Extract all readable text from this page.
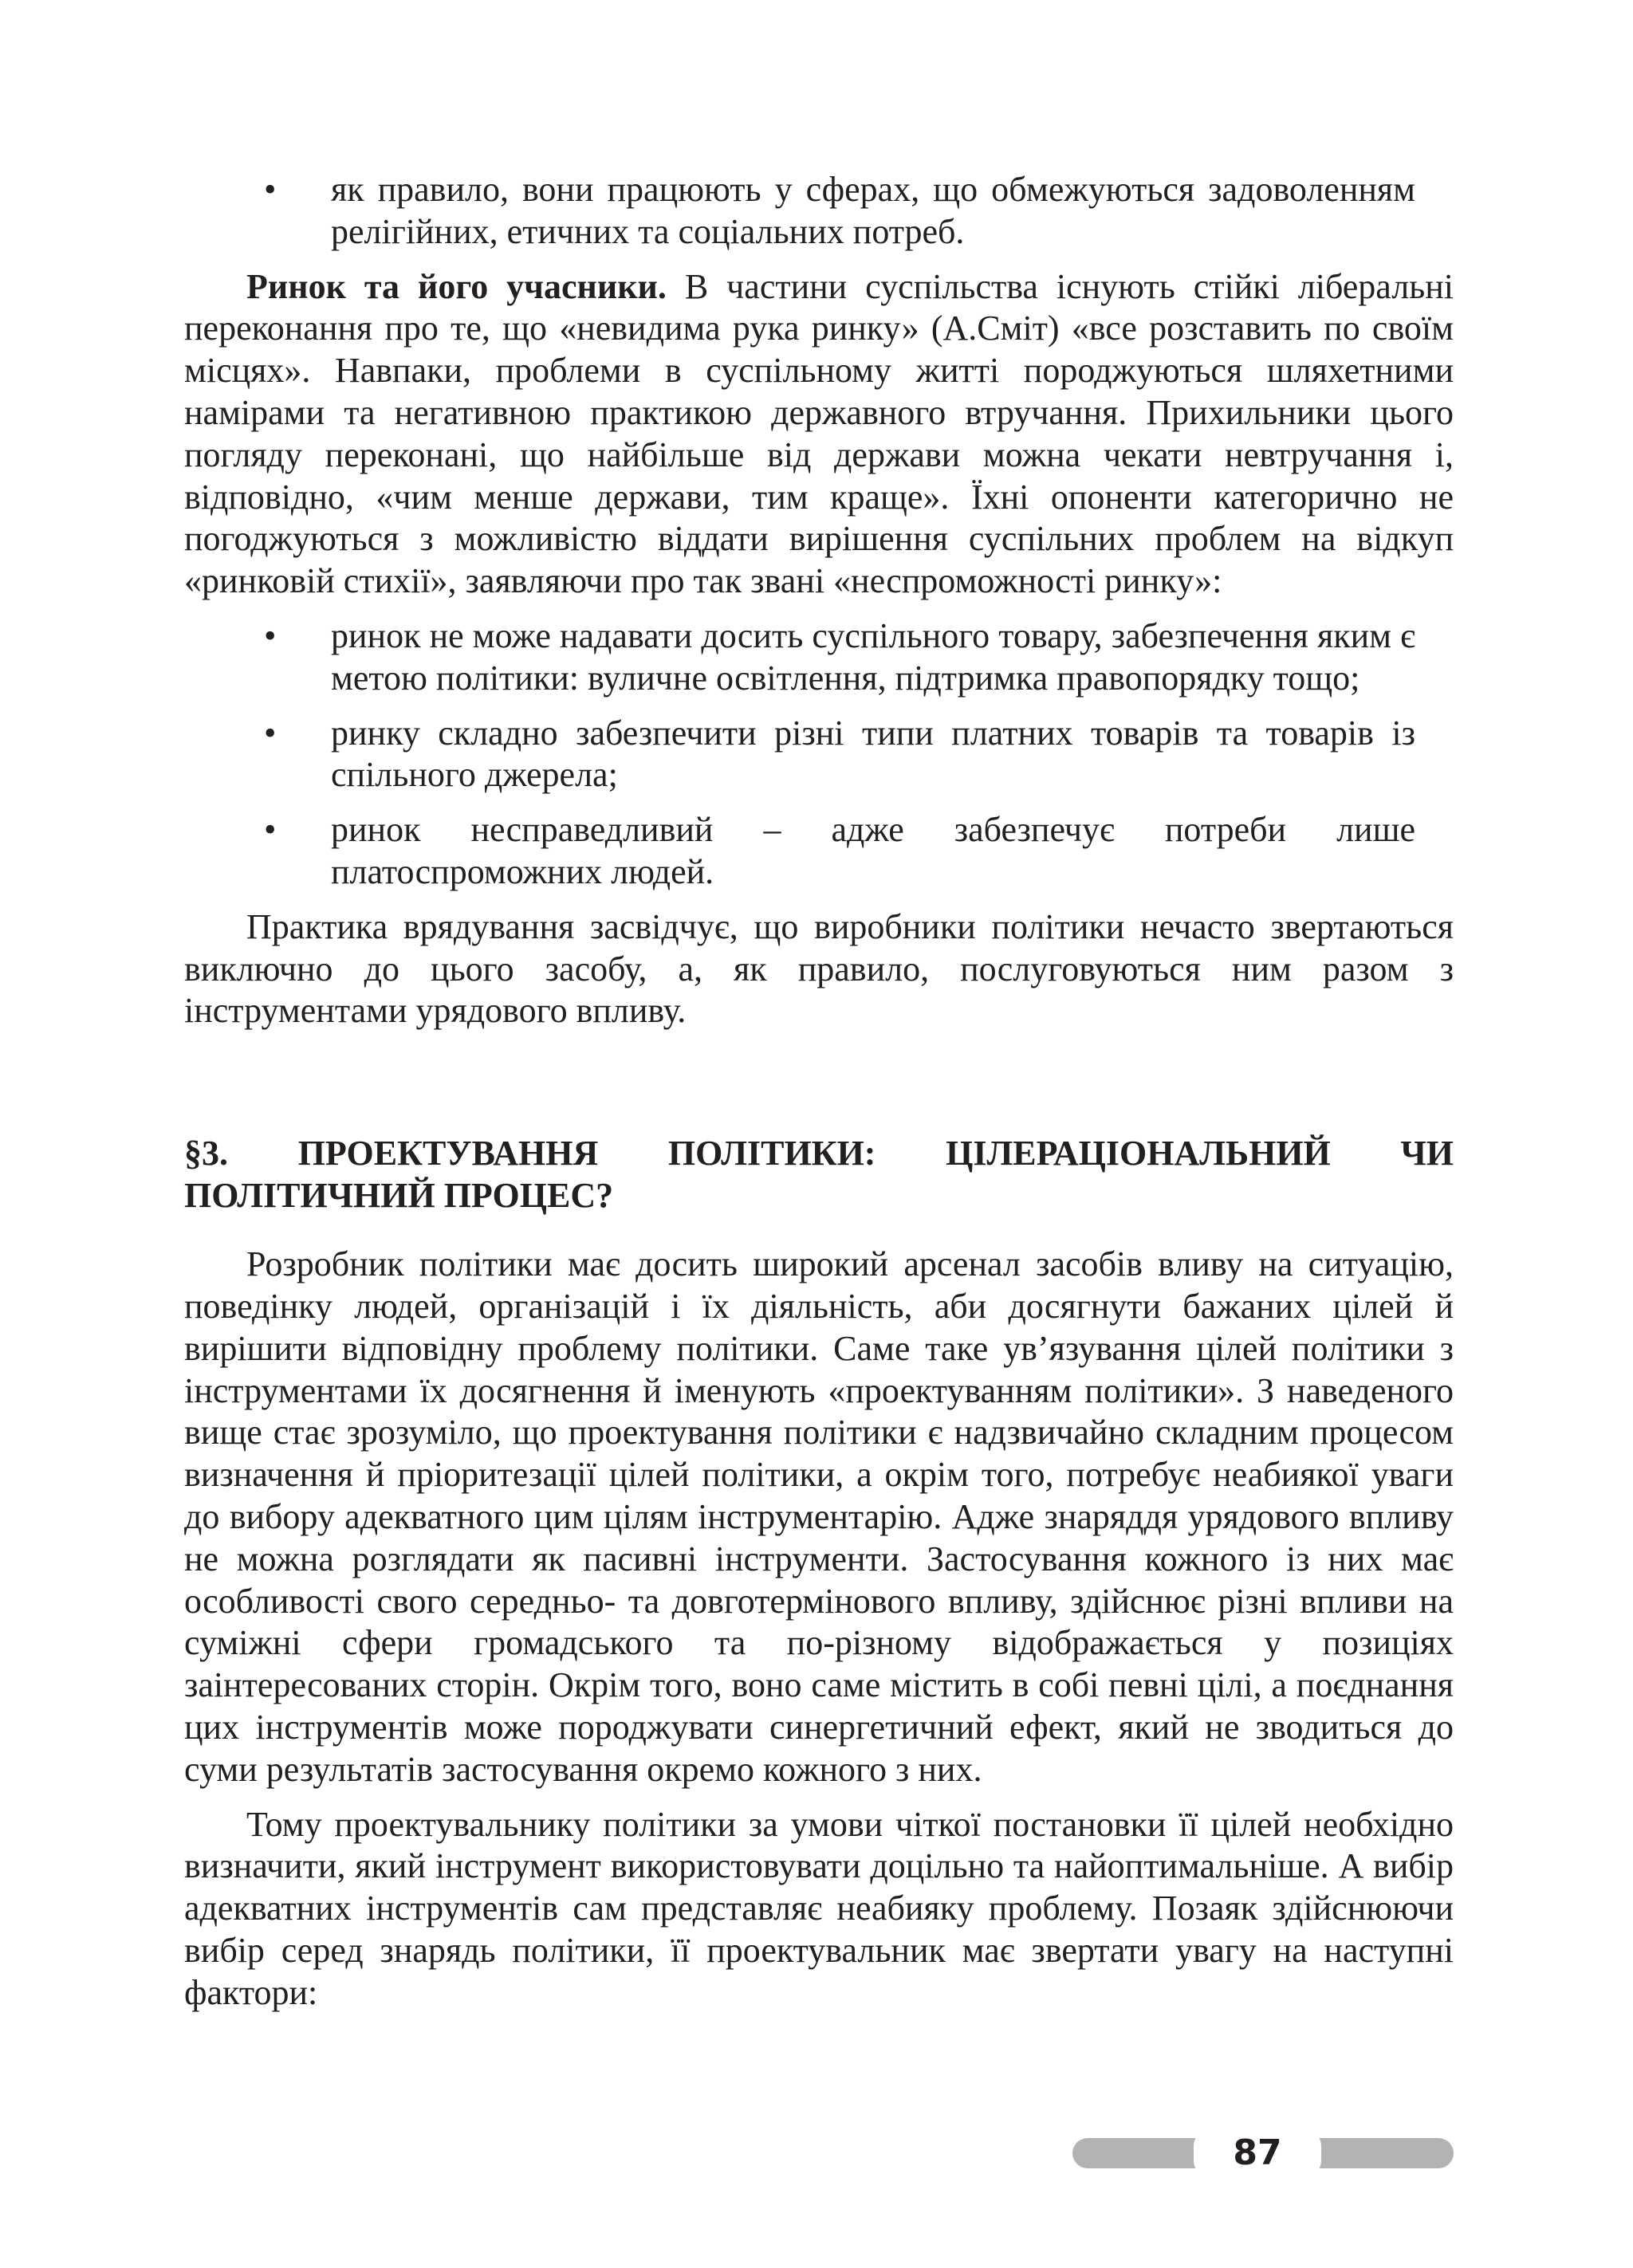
• як правило, вони працюють у сферах, що обмежуються задоволенням релігійних, етичних та соціальних потреб.

Ринок та його учасники. В частини суспільства існують стійкі ліберальні переконання про те, що «невидима рука ринку» (А.Сміт) «все розставить по своїм місцях». Навпаки, проблеми в суспільному житті породжуються шляхетними намірами та негативною практикою державного втручання. Прихильники цього погляду переконані, що найбільше від держави можна чекати невтручання і, відповідно, «чим менше держави, тим краще». Їхні опоненти категорично не погоджуються з можливістю віддати вирішення суспільних проблем на відкуп «ринковій стихії», заявляючи про так звані «неспроможності ринку»:

• ринок не може надавати досить суспільного товару, забезпечення яким є метою політики: вуличне освітлення, підтримка правопорядку тощо;
• ринку складно забезпечити різні типи платних товарів та товарів із спільного джерела;
• ринок несправедливий – адже забезпечує потреби лише платоспроможних людей.

Практика врядування засвідчує, що виробники політики нечасто звертаються виключно до цього засобу, а, як правило, послуговуються ним разом з інструментами урядового впливу.

§3. ПРОЕКТУВАННЯ ПОЛІТИКИ: ЦІЛЕРАЦІОНАЛЬНИЙ ЧИ ПОЛІТИЧНИЙ ПРОЦЕС?

Розробник політики має досить широкий арсенал засобів вливу на ситуацію, поведінку людей, організацій і їх діяльність, аби досягнути бажаних цілей й вирішити відповідну проблему політики. Саме таке ув’язування цілей політики з інструментами їх досягнення й іменують «проектуванням політики». З наведеного вище стає зрозуміло, що проектування політики є надзвичайно складним процесом визначення й пріоритезації цілей політики, а окрім того, потребує неабиякої уваги до вибору адекватного цим цілям інструментарію. Адже знаряддя урядового впливу не можна розглядати як пасивні інструменти. Застосування кожного із них має особливості свого середньо- та довготермінового впливу, здійснює різні впливи на суміжні сфери громадського та по-різному відображається у позиціях заінтересованих сторін. Окрім того, воно саме містить в собі певні цілі, а поєднання цих інструментів може породжувати синергетичний ефект, який не зводиться до суми результатів застосування окремо кожного з них.

Тому проектувальнику політики за умови чіткої постановки її цілей необхідно визначити, який інструмент використовувати доцільно та найоптимальніше. А вибір адекватних інструментів сам представляє неабияку проблему. Позаяк здійснюючи вибір серед знарядь політики, її проектувальник має звертати увагу на наступні фактори:

87
